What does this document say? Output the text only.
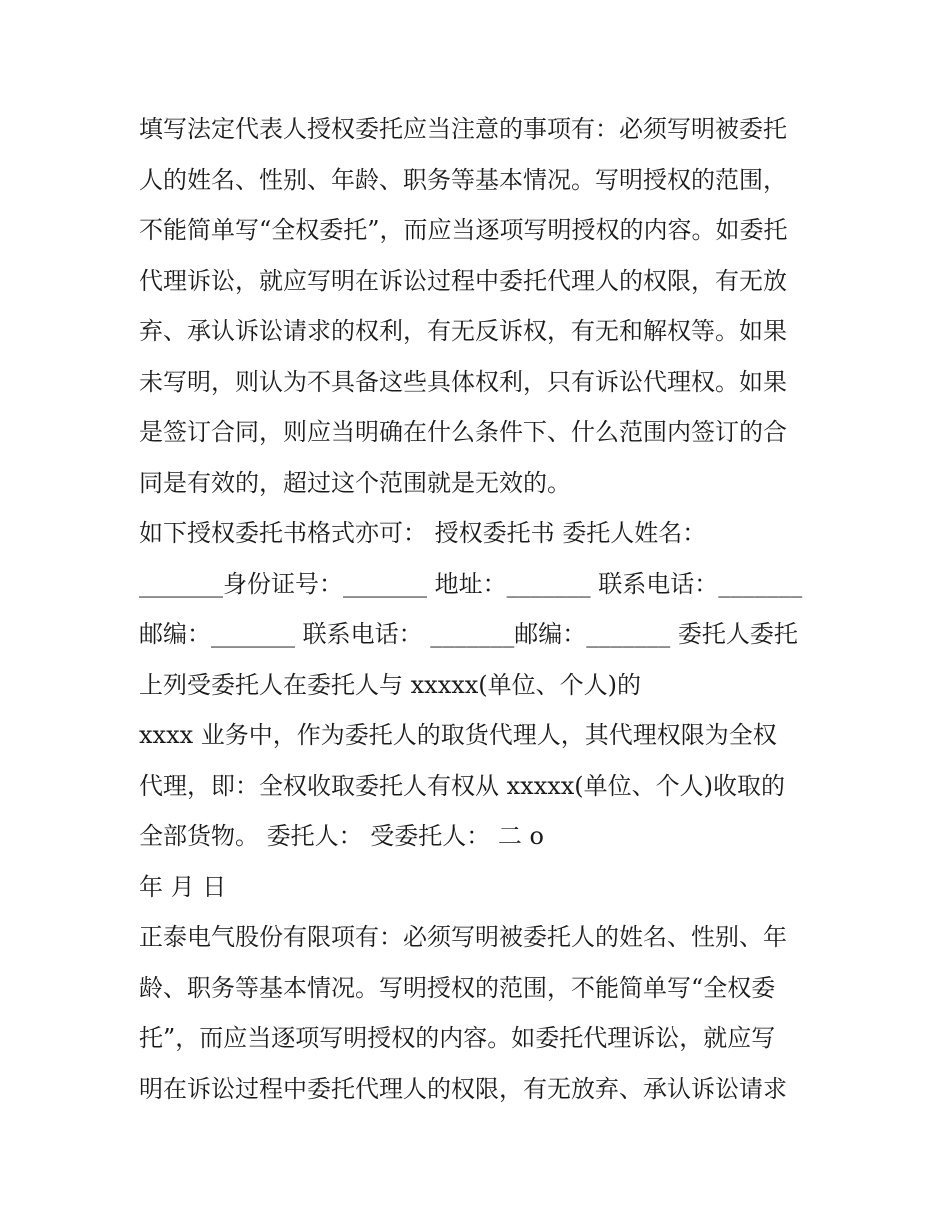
填写法定代表人授权委托应当注意的事项有：必须写明被委托
人的姓名、性别、年龄、职务等基本情况。写明授权的范围，
不能简单写“全权委托”，而应当逐项写明授权的内容。如委托
代理诉讼，就应写明在诉讼过程中委托代理人的权限，有无放
弃、承认诉讼请求的权利，有无反诉权，有无和解权等。如果
未写明，则认为不具备这些具体权利，只有诉讼代理权。如果
是签订合同，则应当明确在什么条件下、什么范围内签订的合
同是有效的，超过这个范围就是无效的。
如下授权委托书格式亦可： 授权委托书 委托人姓名：
_______身份证号：_______ 地址：_______ 联系电话：_______
邮编：_______ 联系电话： _______邮编：_______ 委托人委托
上列受委托人在委托人与 xxxxx(单位、个人)的
xxxx 业务中，作为委托人的取货代理人，其代理权限为全权
代理，即：全权收取委托人有权从 xxxxx(单位、个人)收取的
全部货物。 委托人： 受委托人： 二 o
年 月 日
正泰电气股份有限项有：必须写明被委托人的姓名、性别、年
龄、职务等基本情况。写明授权的范围，不能简单写“全权委
托”，而应当逐项写明授权的内容。如委托代理诉讼，就应写
明在诉讼过程中委托代理人的权限，有无放弃、承认诉讼请求
